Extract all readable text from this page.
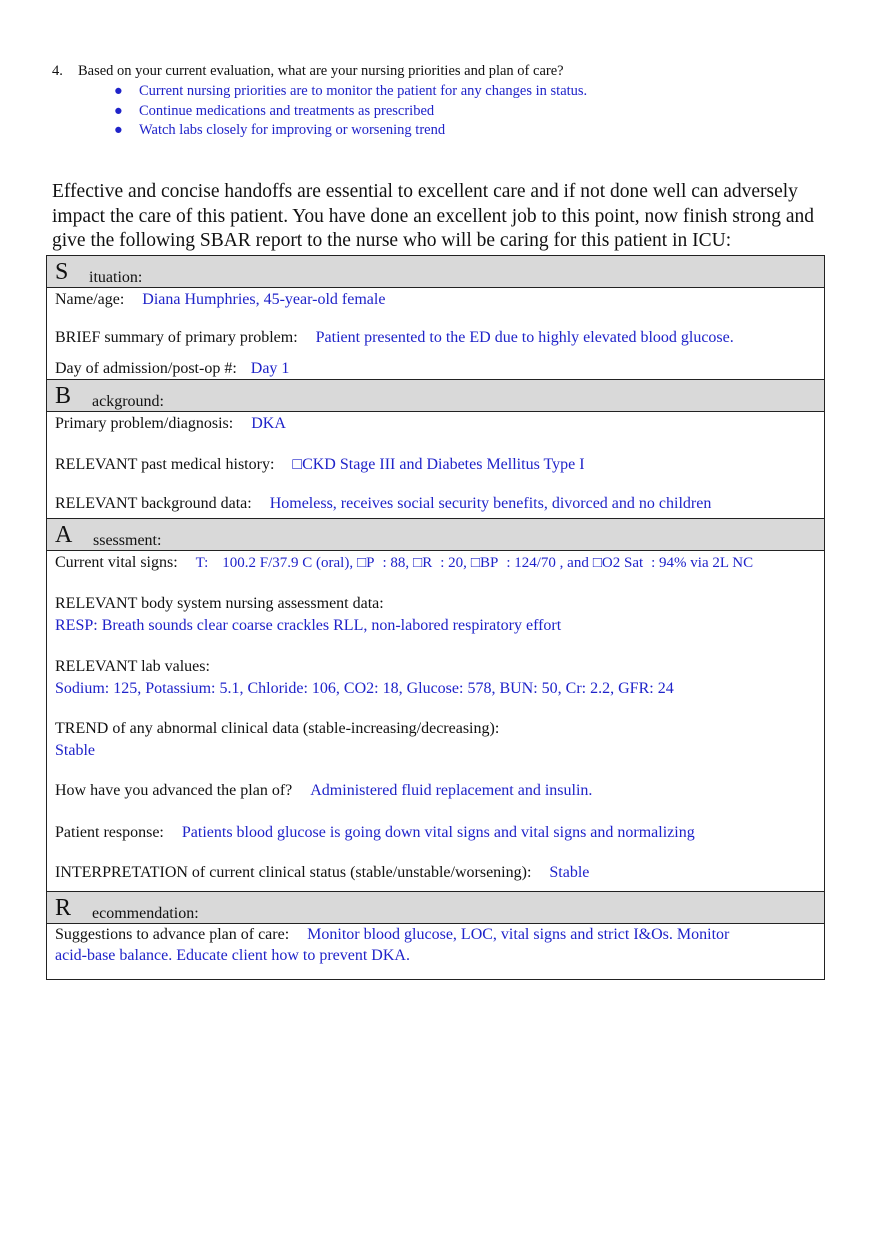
4. Based on your current evaluation, what are your nursing priorities and plan of care?
● Current nursing priorities are to monitor the patient for any changes in status.
● Continue medications and treatments as prescribed
● Watch labs closely for improving or worsening trend
Effective and concise handoffs are essential to excellent care and if not done well can adversely impact the care of this patient. You have done an excellent job to this point, now finish strong and give the following SBAR report to the nurse who will be caring for this patient in ICU:
S ituation:
Name/age: Diana Humphries, 45-year-old female
BRIEF summary of primary problem: Patient presented to the ED due to highly elevated blood glucose.
Day of admission/post-op #: Day 1
B ackground:
Primary problem/diagnosis: DKA
RELEVANT past medical history: □CKD Stage III and Diabetes Mellitus Type I
RELEVANT background data: Homeless, receives social security benefits, divorced and no children
A ssessment:
Current vital signs: T: 100.2 F/37.9 C (oral), □P : 88, □R : 20, □BP : 124/70 , and □O2 Sat : 94% via 2L NC
RELEVANT body system nursing assessment data:
RESP: Breath sounds clear coarse crackles RLL, non-labored respiratory effort
RELEVANT lab values:
Sodium: 125, Potassium: 5.1, Chloride: 106, CO2: 18, Glucose: 578, BUN: 50, Cr: 2.2, GFR: 24
TREND of any abnormal clinical data (stable-increasing/decreasing):
Stable
How have you advanced the plan of? Administered fluid replacement and insulin.
Patient response: Patients blood glucose is going down vital signs and vital signs and normalizing
INTERPRETATION of current clinical status (stable/unstable/worsening): Stable
R ecommendation:
Suggestions to advance plan of care: Monitor blood glucose, LOC, vital signs and strict I&Os. Monitor
acid-base balance. Educate client how to prevent DKA.
